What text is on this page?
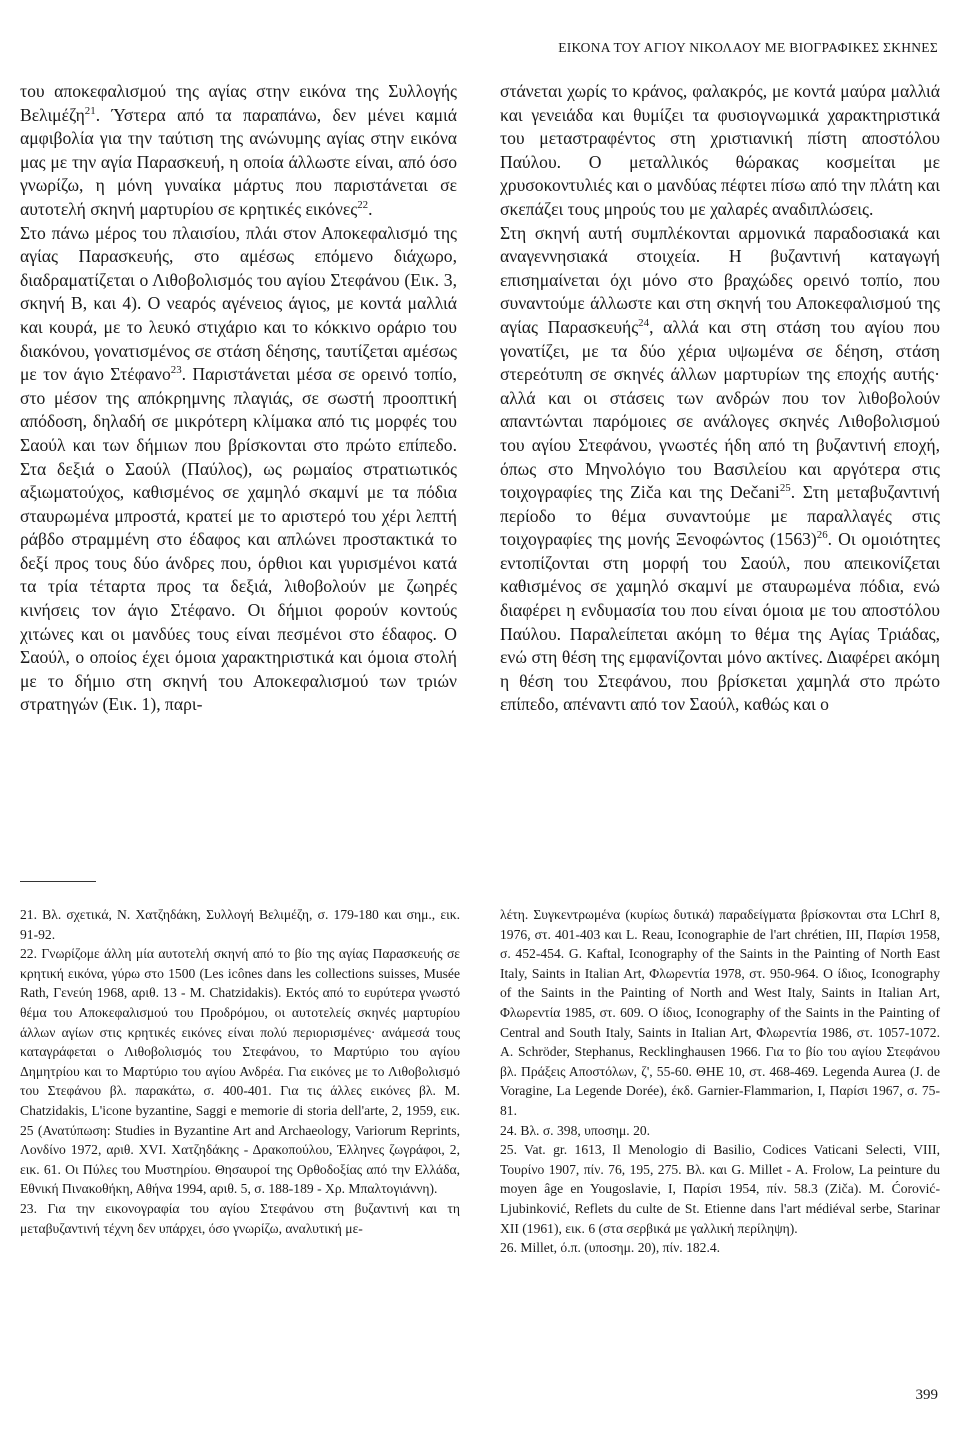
ΕΙΚΟΝΑ ΤΟΥ ΑΓΙΟΥ ΝΙΚΟΛΑΟΥ ΜΕ ΒΙΟΓΡΑΦΙΚΕΣ ΣΚΗΝΕΣ

του αποκεφαλισμού της αγίας στην εικόνα της Συλλογής Βελιμέζη$^{21}$. Ύστερα από τα παραπάνω, δεν μένει καμιά αμφιβολία για την ταύτιση της ανώνυμης αγίας στην εικόνα μας με την αγία Παρασκευή, η οποία άλλωστε είναι, από όσο γνωρίζω, η μόνη γυναίκα μάρτυς που παριστάνεται σε αυτοτελή σκηνή μαρτυρίου σε κρητικές εικόνες$^{22}$.

Στο πάνω μέρος του πλαισίου, πλάι στον Αποκεφαλισμό της αγίας Παρασκευής, στο αμέσως επόμενο διάχωρο, διαδραματίζεται ο Λιθοβολισμός του αγίου Στεφάνου (Εικ. 3, σκηνή Β, και 4). Ο νεαρός αγένειος άγιος, με κοντά μαλλιά και κουρά, με το λευκό στιχάριο και το κόκκινο οράριο του διακόνου, γονατισμένος σε στάση δέησης, ταυτίζεται αμέσως με τον άγιο Στέφανο$^{23}$. Παριστάνεται μέσα σε ορεινό τοπίο, στο μέσον της απόκρημνης πλαγιάς, σε σωστή προοπτική απόδοση, δηλαδή σε μικρότερη κλίμακα από τις μορφές του Σαούλ και των δήμιων που βρίσκονται στο πρώτο επίπεδο. Στα δεξιά ο Σαούλ (Παύλος), ως ρωμαίος στρατιωτικός αξιωματούχος, καθισμένος σε χαμηλό σκαμνί με τα πόδια σταυρωμένα μπροστά, κρατεί με το αριστερό του χέρι λεπτή ράβδο στραμμένη στο έδαφος και απλώνει προστακτικά το δεξί προς τους δύο άνδρες που, όρθιοι και γυρισμένοι κατά τα τρία τέταρτα προς τα δεξιά, λιθοβολούν με ζωηρές κινήσεις τον άγιο Στέφανο. Οι δήμιοι φορούν κοντούς χιτώνες και οι μανδύες τους είναι πεσμένοι στο έδαφος. Ο Σαούλ, ο οποίος έχει όμοια χαρακτηριστικά και όμοια στολή με το δήμιο στη σκηνή του Αποκεφαλισμού των τριών στρατηγών (Εικ. 1), παρι-

στάνεται χωρίς το κράνος, φαλακρός, με κοντά μαύρα μαλλιά και γενειάδα και θυμίζει τα φυσιογνωμικά χαρακτηριστικά του μεταστραφέντος στη χριστιανική πίστη αποστόλου Παύλου. Ο μεταλλικός θώρακας κοσμείται με χρυσοκοντυλιές και ο μανδύας πέφτει πίσω από την πλάτη και σκεπάζει τους μηρούς του με χαλαρές αναδιπλώσεις.

Στη σκηνή αυτή συμπλέκονται αρμονικά παραδοσιακά και αναγεννησιακά στοιχεία. Η βυζαντινή καταγωγή επισημαίνεται όχι μόνο στο βραχώδες ορεινό τοπίο, που συναντούμε άλλωστε και στη σκηνή του Αποκεφαλισμού της αγίας Παρασκευής$^{24}$, αλλά και στη στάση του αγίου που γονατίζει, με τα δύο χέρια υψωμένα σε δέηση, στάση στερεότυπη σε σκηνές άλλων μαρτυρίων της εποχής αυτής· αλλά και οι στάσεις των ανδρών που τον λιθοβολούν απαντώνται παρόμοιες σε ανάλογες σκηνές Λιθοβολισμού του αγίου Στεφάνου, γνωστές ήδη από τη βυζαντινή εποχή, όπως στο Μηνολόγιο του Βασιλείου και αργότερα στις τοιχογραφίες της Ziča και της Dečani$^{25}$. Στη μεταβυζαντινή περίοδο το θέμα συναντούμε με παραλλαγές στις τοιχογραφίες της μονής Ξενοφώντος $(1563)^{26}$. Οι ομοιότητες εντοπίζονται στη μορφή του Σαούλ, που απεικονίζεται καθισμένος σε χαμηλό σκαμνί με σταυρωμένα πόδια, ενώ διαφέρει η ενδυμασία του που είναι όμοια με του αποστόλου Παύλου. Παραλείπεται ακόμη το θέμα της Αγίας Τριάδας, ενώ στη θέση της εμφανίζονται μόνο ακτίνες. Διαφέρει ακόμη η θέση του Στεφάνου, που βρίσκεται χαμηλά στο πρώτο επίπεδο, απέναντι από τον Σαούλ, καθώς και ο

21. Βλ. σχετικά, Ν. Χατζηδάκη, Συλλογή Βελιμέζη, σ. 179-180 και σημ., εικ. 91-92.

22. Γνωρίζομε άλλη μία αυτοτελή σκηνή από το βίο της αγίας Παρασκευής σε κρητική εικόνα, γύρω στο 1500 (Les icônes dans les collections suisses, Musée Rath, Γενεύη 1968, αριθ. 13 - M. Chatzidakis). Εκτός από το ευρύτερα γνωστό θέμα του Αποκεφαλισμού του Προδρόμου, οι αυτοτελείς σκηνές μαρτυρίου άλλων αγίων στις κρητικές εικόνες είναι πολύ περιορισμένες· ανάμεσά τους καταγράφεται ο Λιθοβολισμός του Στεφάνου, το Μαρτύριο του αγίου Δημητρίου και το Μαρτύριο του αγίου Ανδρέα. Για εικόνες με το Λιθοβολισμό του Στεφάνου βλ. παρακάτω, σ. 400-401. Για τις άλλες εικόνες βλ. M. Chatzidakis, L'icone byzantine, Saggi e memorie di storia dell'arte, 2, 1959, εικ. 25 (Ανατύπωση: Studies in Byzantine Art and Archaeology, Variorum Reprints, Λονδίνο 1972, αριθ. XVI. Χατζηδάκης - Δρακοπούλου, Έλληνες ζωγράφοι, 2, εικ. 61. Οι Πύλες του Μυστηρίου. Θησαυροί της Ορθοδοξίας από την Ελλάδα, Εθνική Πινακοθήκη, Αθήνα 1994, αριθ. 5, σ. 188-189 - Χρ. Μπαλτογιάννη).

23. Για την εικονογραφία του αγίου Στεφάνου στη βυζαντινή και τη μεταβυζαντινή τέχνη δεν υπάρχει, όσο γνωρίζω, αναλυτική με-

λέτη. Συγκεντρωμένα (κυρίως δυτικά) παραδείγματα βρίσκονται στα LChrI 8, 1976, στ. 401-403 και L. Reau, Iconographie de l'art chrétien, III, Παρίσι 1958, σ. 452-454. G. Kaftal, Iconography of the Saints in the Painting of North East Italy, Saints in Italian Art, Φλωρεντία 1978, στ. 950-964. Ο ίδιος, Iconography of the Saints in the Painting of North and West Italy, Saints in Italian Art, Φλωρεντία 1985, στ. 609. Ο ίδιος, Iconography of the Saints in the Painting of Central and South Italy, Saints in Italian Art, Φλωρεντία 1986, στ. 1057-1072. A. Schröder, Stephanus, Recklinghausen 1966. Για το βίο του αγίου Στεφάνου βλ. Πράξεις Αποστόλων, ζ', 55-60. ΘΗΕ 10, στ. 468-469. Legenda Aurea (J. de Voragine, La Legende Dorée), έκδ. Garnier-Flammarion, I, Παρίσι 1967, σ. 75-81.

24. Βλ. σ. 398, υποσημ. 20.

25. Vat. gr. 1613, Il Menologio di Basilio, Codices Vaticani Selecti, VIII, Τουρίνο 1907, πίν. 76, 195, 275. Βλ. και G. Millet - A. Frolow, La peinture du moyen âge en Yougoslavie, I, Παρίσι 1954, πίν. 58.3 (Ziča). M. Ćorović-Ljubinković, Reflets du culte de St. Etienne dans l'art médiéval serbe, Starinar XII (1961), εικ. 6 (στα σερβικά με γαλλική περίληψη).

26. Millet, ό.π. (υποσημ. 20), πίν. 182.4.

399
